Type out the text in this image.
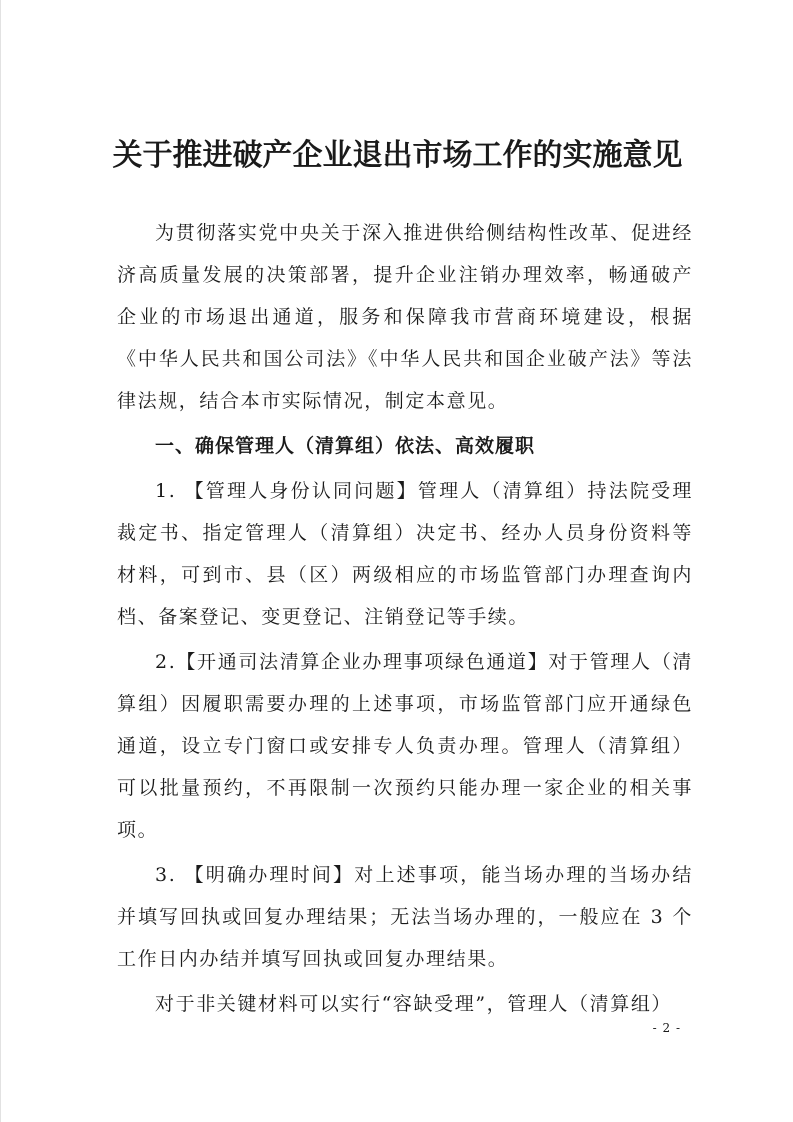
关于推进破产企业退出市场工作的实施意见

为贯彻落实党中央关于深入推进供给侧结构性改革、促进经济高质量发展的决策部署，提升企业注销办理效率，畅通破产企业的市场退出通道，服务和保障我市营商环境建设，根据《中华人民共和国公司法》《中华人民共和国企业破产法》等法律法规，结合本市实际情况，制定本意见。

一、确保管理人（清算组）依法、高效履职

1. 【管理人身份认同问题】管理人（清算组）持法院受理裁定书、指定管理人（清算组）决定书、经办人员身份资料等材料，可到市、县（区）两级相应的市场监管部门办理查询内档、备案登记、变更登记、注销登记等手续。

2.【开通司法清算企业办理事项绿色通道】对于管理人（清算组）因履职需要办理的上述事项，市场监管部门应开通绿色通道，设立专门窗口或安排专人负责办理。管理人（清算组）可以批量预约，不再限制一次预约只能办理一家企业的相关事项。

3. 【明确办理时间】对上述事项，能当场办理的当场办结并填写回执或回复办理结果；无法当场办理的，一般应在 3 个工作日内办结并填写回执或回复办理结果。

对于非关键材料可以实行“容缺受理”，管理人（清算组）

- 2 -
